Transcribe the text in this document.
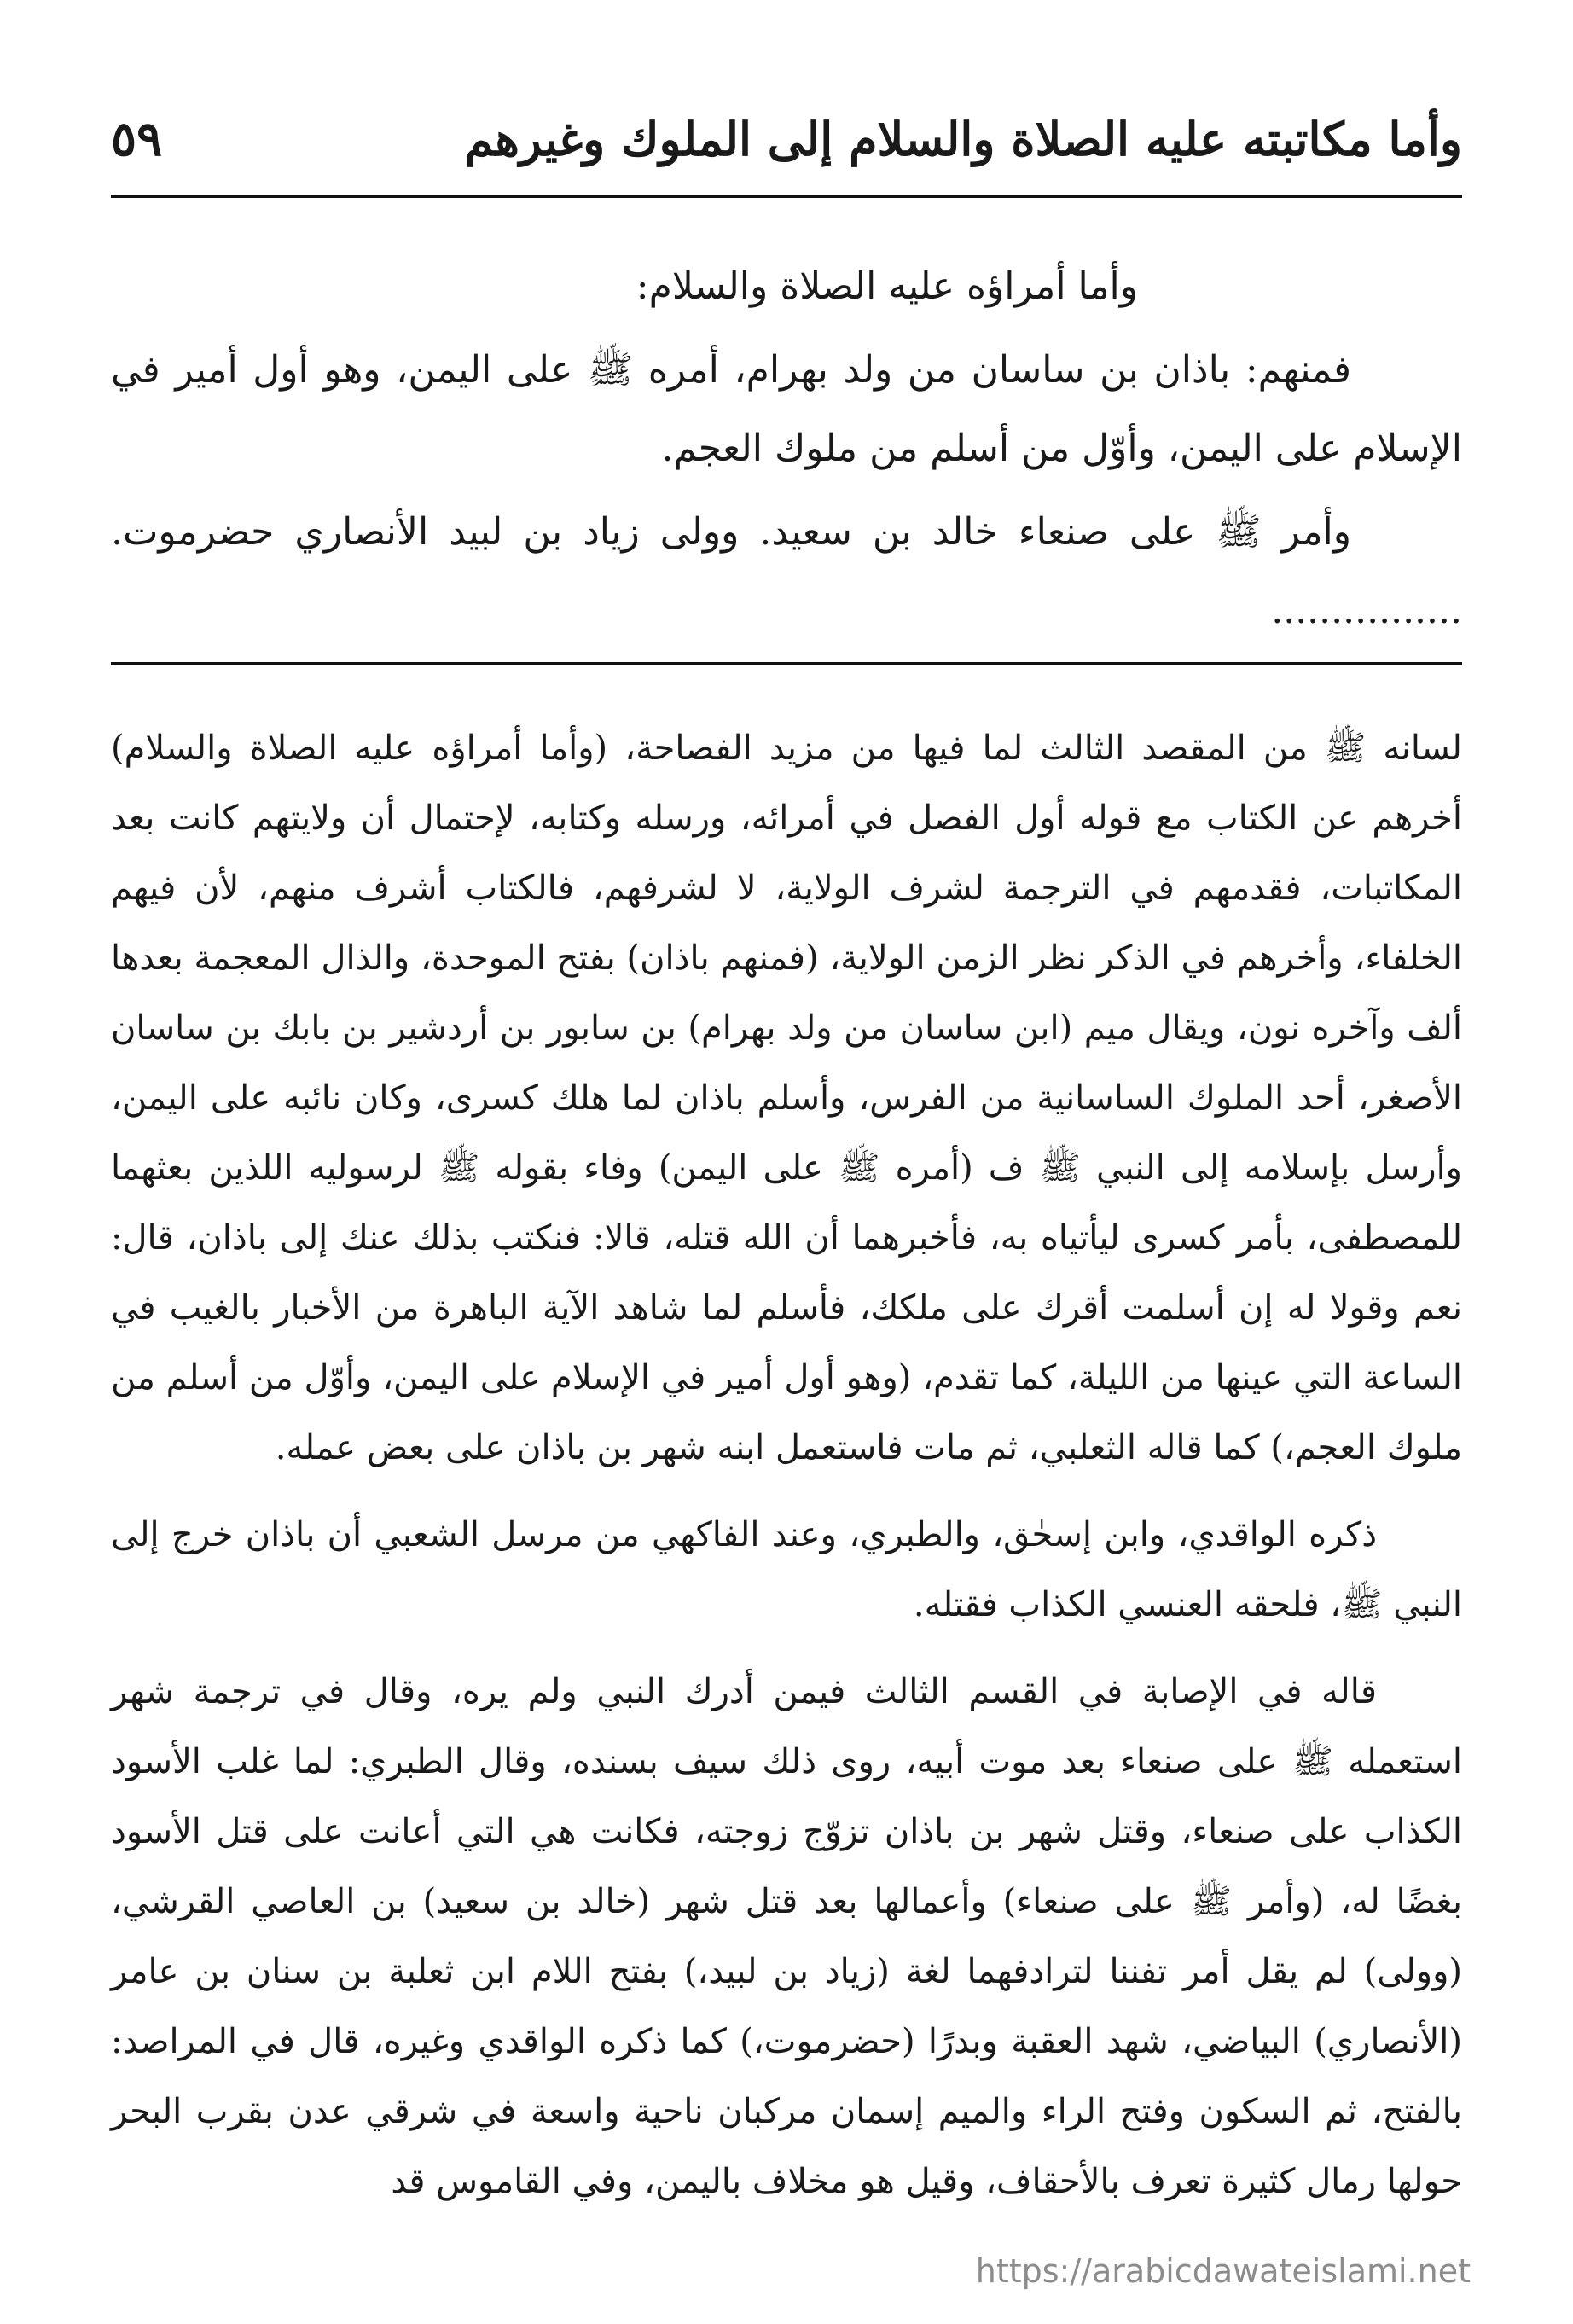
٥٩	وأما مكاتبته عليه الصلاة والسلام إلى الملوك وغيرهم

وأما أمراؤه عليه الصلاة والسلام:

فمنهم: باذان بن ساسان من ولد بهرام، أمره ﷺ على اليمن، وهو أول أمير في الإسلام على اليمن، وأوّل من أسلم من ملوك العجم.

وأمر ﷺ على صنعاء خالد بن سعيد. وولى زياد بن لبيد الأنصاري حضرموت. ................

لسانه ﷺ من المقصد الثالث لما فيها من مزيد الفصاحة، (وأما أمراؤه عليه الصلاة والسلام) أخرهم عن الكتاب مع قوله أول الفصل في أمرائه، ورسله وكتابه، لإحتمال أن ولايتهم كانت بعد المكاتبات، فقدمهم في الترجمة لشرف الولاية، لا لشرفهم، فالكتاب أشرف منهم، لأن فيهم الخلفاء، وأخرهم في الذكر نظر الزمن الولاية، (فمنهم باذان) بفتح الموحدة، والذال المعجمة بعدها ألف وآخره نون، ويقال ميم (ابن ساسان من ولد بهرام) بن سابور بن أردشير بن بابك بن ساسان الأصغر، أحد الملوك الساسانية من الفرس، وأسلم باذان لما هلك كسرى، وكان نائبه على اليمن، وأرسل بإسلامه إلى النبي ﷺ ف (أمره ﷺ على اليمن) وفاء بقوله ﷺ لرسوليه اللذين بعثهما للمصطفى، بأمر كسرى ليأتياه به، فأخبرهما أن الله قتله، قالا: فنكتب بذلك عنك إلى باذان، قال: نعم وقولا له إن أسلمت أقرك على ملكك، فأسلم لما شاهد الآية الباهرة من الأخبار بالغيب في الساعة التي عينها من الليلة، كما تقدم، (وهو أول أمير في الإسلام على اليمن، وأوّل من أسلم من ملوك العجم،) كما قاله الثعلبي، ثم مات فاستعمل ابنه شهر بن باذان على بعض عمله.

ذكره الواقدي، وابن إسحٰق، والطبري، وعند الفاكهي من مرسل الشعبي أن باذان خرج إلى النبي ﷺ، فلحقه العنسي الكذاب فقتله.

قاله في الإصابة في القسم الثالث فيمن أدرك النبي ولم يره، وقال في ترجمة شهر استعمله ﷺ على صنعاء بعد موت أبيه، روى ذلك سيف بسنده، وقال الطبري: لما غلب الأسود الكذاب على صنعاء، وقتل شهر بن باذان تزوّج زوجته، فكانت هي التي أعانت على قتل الأسود بغضًا له، (وأمر ﷺ على صنعاء) وأعمالها بعد قتل شهر (خالد بن سعيد) بن العاصي القرشي، (وولى) لم يقل أمر تفننا لترادفهما لغة (زياد بن لبيد،) بفتح اللام ابن ثعلبة بن سنان بن عامر (الأنصاري) البياضي، شهد العقبة وبدرًا (حضرموت،) كما ذكره الواقدي وغيره، قال في المراصد: بالفتح، ثم السكون وفتح الراء والميم إسمان مركبان ناحية واسعة في شرقي عدن بقرب البحر حولها رمال كثيرة تعرف بالأحقاف، وقيل هو مخلاف باليمن، وفي القاموس قد

https://arabicdawateislami.net
